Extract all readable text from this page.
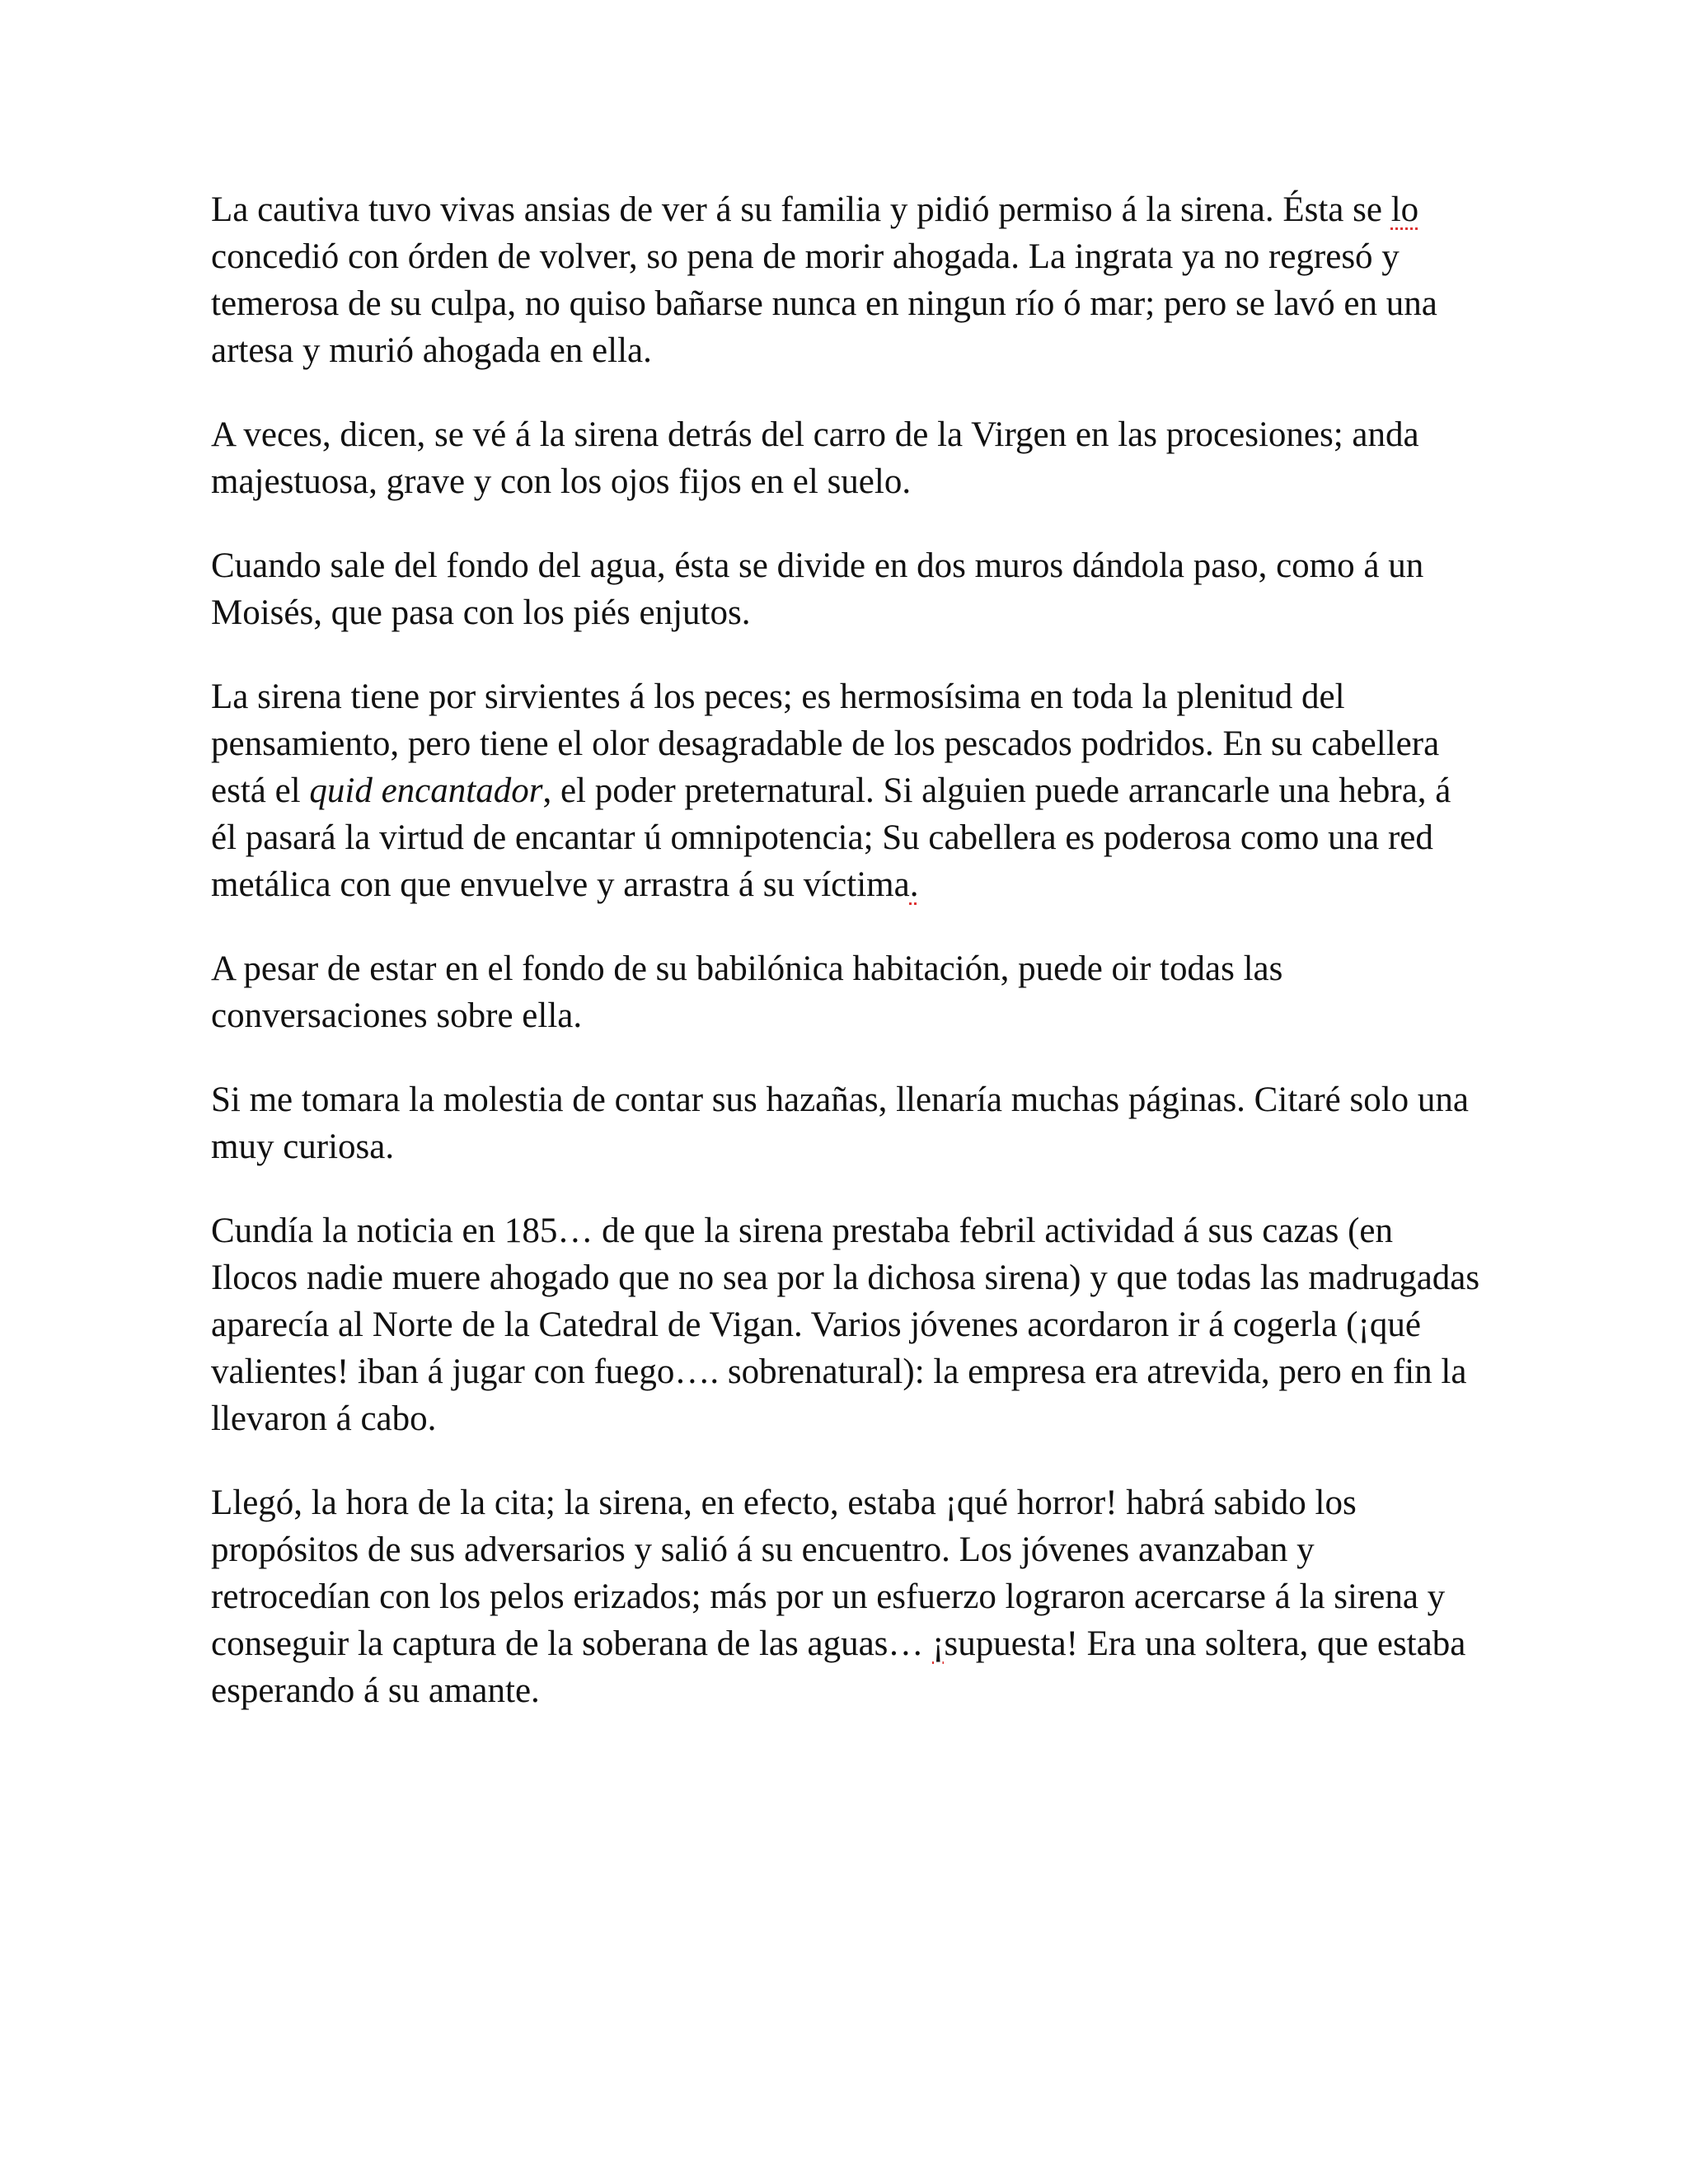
La cautiva tuvo vivas ansias de ver á su familia y pidió permiso á la sirena. Ésta se lo concedió con órden de volver, so pena de morir ahogada. La ingrata ya no regresó y temerosa de su culpa, no quiso bañarse nunca en ningun río ó mar; pero se lavó en una artesa y murió ahogada en ella.

A veces, dicen, se vé á la sirena detrás del carro de la Virgen en las procesiones; anda majestuosa, grave y con los ojos fijos en el suelo.

Cuando sale del fondo del agua, ésta se divide en dos muros dándola paso, como á un Moisés, que pasa con los piés enjutos.

La sirena tiene por sirvientes á los peces; es hermosísima en toda la plenitud del pensamiento, pero tiene el olor desagradable de los pescados podridos. En su cabellera está el quid encantador, el poder preternatural. Si alguien puede arrancarle una hebra, á él pasará la virtud de encantar ú omnipotencia; Su cabellera es poderosa como una red metálica con que envuelve y arrastra á su víctima.

A pesar de estar en el fondo de su babilónica habitación, puede oir todas las conversaciones sobre ella.

Si me tomara la molestia de contar sus hazañas, llenaría muchas páginas. Citaré solo una muy curiosa.

Cundía la noticia en 185… de que la sirena prestaba febril actividad á sus cazas (en Ilocos nadie muere ahogado que no sea por la dichosa sirena) y que todas las madrugadas aparecía al Norte de la Catedral de Vigan. Varios jóvenes acordaron ir á cogerla (¡qué valientes! iban á jugar con fuego…. sobrenatural): la empresa era atrevida, pero en fin la llevaron á cabo.

Llegó, la hora de la cita; la sirena, en efecto, estaba ¡qué horror! habrá sabido los propósitos de sus adversarios y salió á su encuentro. Los jóvenes avanzaban y retrocedían con los pelos erizados; más por un esfuerzo lograron acercarse á la sirena y conseguir la captura de la soberana de las aguas… ¡supuesta! Era una soltera, que estaba esperando á su amante.
